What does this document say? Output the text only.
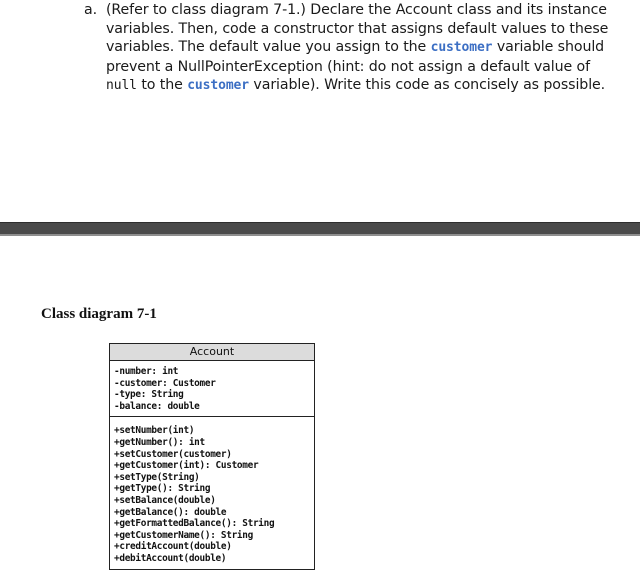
a. (Refer to class diagram 7-1.) Declare the Account class and its instance variables. Then, code a constructor that assigns default values to these variables. The default value you assign to the customer variable should prevent a NullPointerException (hint: do not assign a default value of null to the customer variable). Write this code as concisely as possible.
Class diagram 7-1
Account
-number: int
-customer: Customer
-type: String
-balance: double
+setNumber(int)
+getNumber(): int
+setCustomer(customer)
+getCustomer(int): Customer
+setType(String)
+getType(): String
+setBalance(double)
+getBalance(): double
+getFormattedBalance(): String
+getCustomerName(): String
+creditAccount(double)
+debitAccount(double)
